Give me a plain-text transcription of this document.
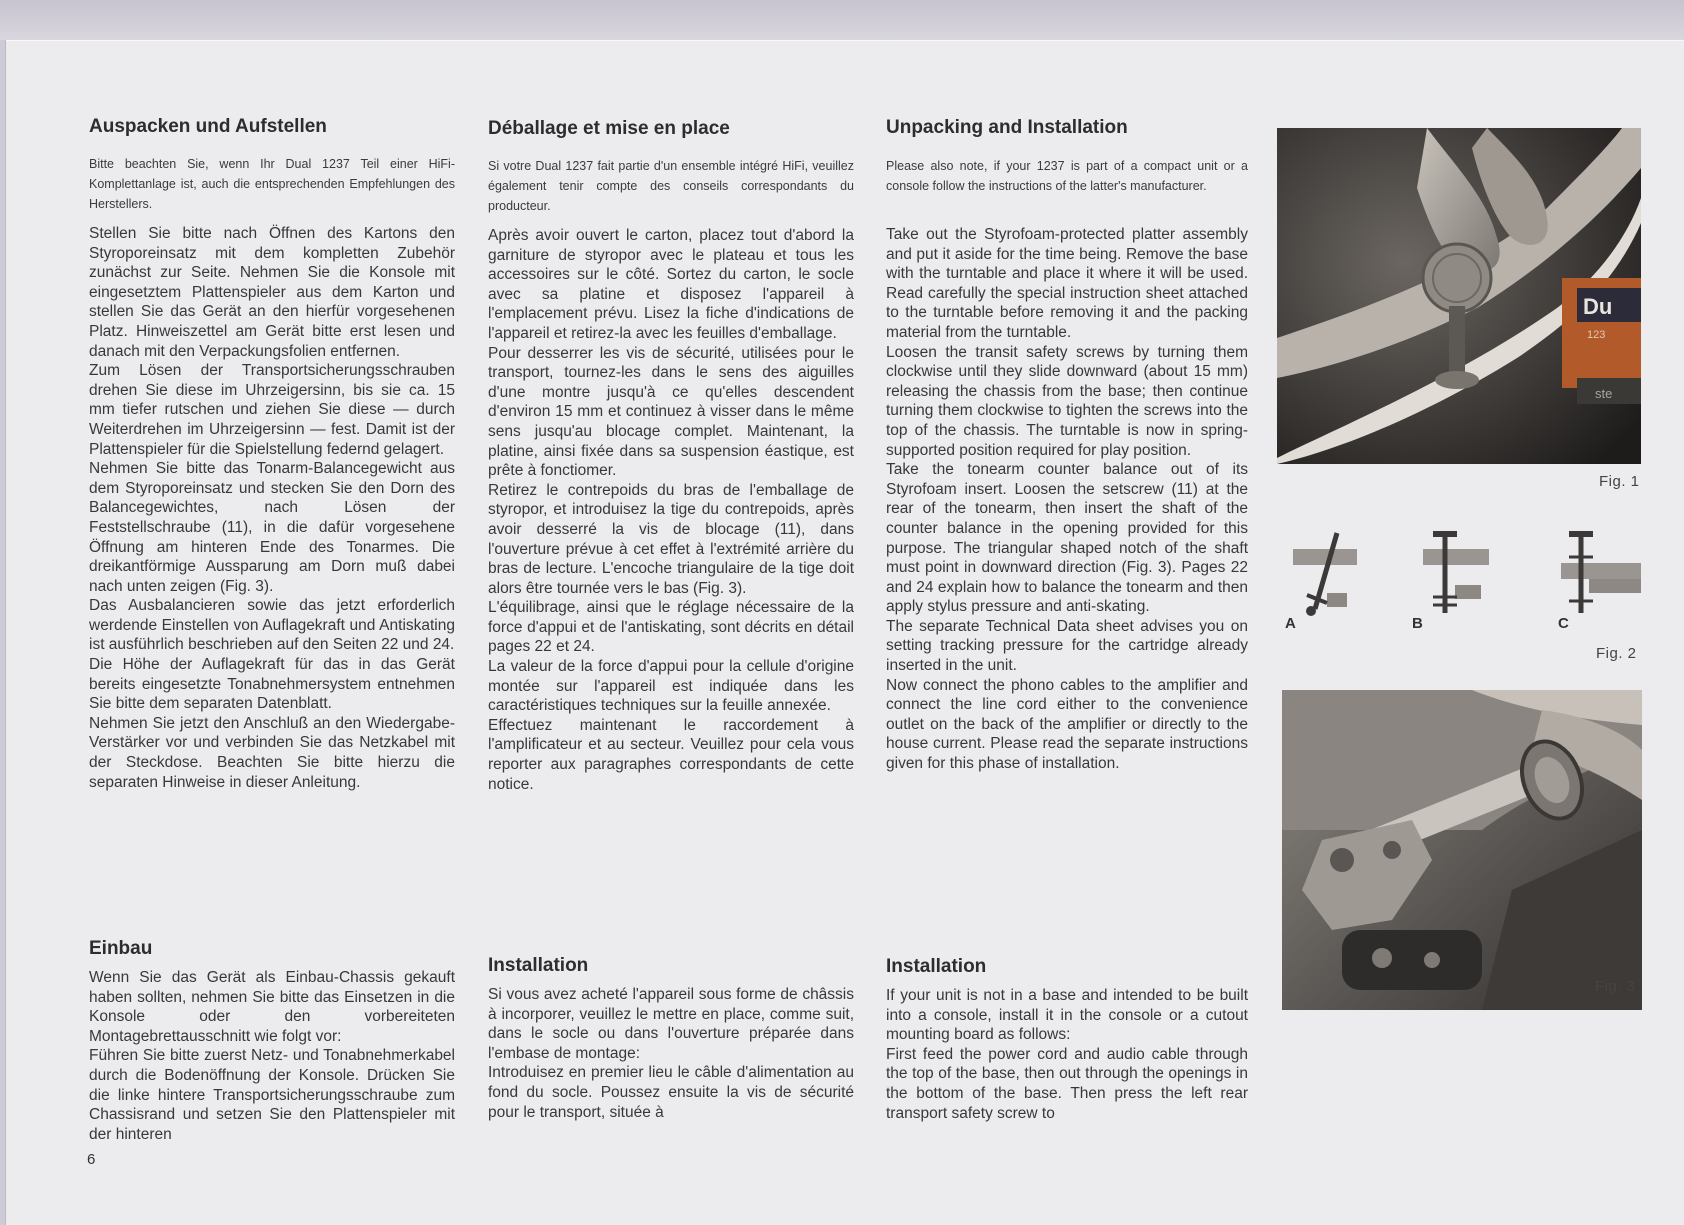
Auspacken und Aufstellen

Bitte beachten Sie, wenn Ihr Dual 1237 Teil einer HiFi-Komplettanlage ist, auch die entsprechenden Empfehlungen des Herstellers.

Stellen Sie bitte nach Öffnen des Kartons den Styroporeinsatz mit dem kompletten Zubehör zunächst zur Seite. Nehmen Sie die Konsole mit eingesetztem Plattenspieler aus dem Karton und stellen Sie das Gerät an den hierfür vorgesehenen Platz. Hinweiszettel am Gerät bitte erst lesen und danach mit den Verpackungsfolien entfernen.

Zum Lösen der Transportsicherungsschrauben drehen Sie diese im Uhrzeigersinn, bis sie ca. 15 mm tiefer rutschen und ziehen Sie diese — durch Weiterdrehen im Uhrzeigersinn — fest. Damit ist der Plattenspieler für die Spielstellung federnd gelagert.

Nehmen Sie bitte das Tonarm-Balancegewicht aus dem Styroporeinsatz und stecken Sie den Dorn des Balancegewichtes, nach Lösen der Feststellschraube (11), in die dafür vorgesehene Öffnung am hinteren Ende des Tonarmes. Die dreikantförmige Aussparung am Dorn muß dabei nach unten zeigen (Fig. 3).

Das Ausbalancieren sowie das jetzt erforderlich werdende Einstellen von Auflagekraft und Antiskating ist ausführlich beschrieben auf den Seiten 22 und 24.

Die Höhe der Auflagekraft für das in das Gerät bereits eingesetzte Tonabnehmersystem entnehmen Sie bitte dem separaten Datenblatt.

Nehmen Sie jetzt den Anschluß an den Wiedergabe-Verstärker vor und verbinden Sie das Netzkabel mit der Steckdose. Beachten Sie bitte hierzu die separaten Hinweise in dieser Anleitung.

Einbau

Wenn Sie das Gerät als Einbau-Chassis gekauft haben sollten, nehmen Sie bitte das Einsetzen in die Konsole oder den vorbereiteten Montagebrettausschnitt wie folgt vor:

Führen Sie bitte zuerst Netz- und Tonabnehmerkabel durch die Bodenöffnung der Konsole. Drücken Sie die linke hintere Transportsicherungsschraube zum Chassisrand und setzen Sie den Plattenspieler mit der hinteren

Déballage et mise en place

Si votre Dual 1237 fait partie d'un ensemble intégré HiFi, veuillez également tenir compte des conseils correspondants du producteur.

Après avoir ouvert le carton, placez tout d'abord la garniture de styropor avec le plateau et tous les accessoires sur le côté. Sortez du carton, le socle avec sa platine et disposez l'appareil à l'emplacement prévu. Lisez la fiche d'indications de l'appareil et retirez-la avec les feuilles d'emballage.

Pour desserrer les vis de sécurité, utilisées pour le transport, tournez-les dans le sens des aiguilles d'une montre jusqu'à ce qu'elles descendent d'environ 15 mm et continuez à visser dans le même sens jusqu'au blocage complet. Maintenant, la platine, ainsi fixée dans sa suspension éastique, est prête à fonctiomer.

Retirez le contrepoids du bras de l'emballage de styropor, et introduisez la tige du contrepoids, après avoir desserré la vis de blocage (11), dans l'ouverture prévue à cet effet à l'extrémité arrière du bras de lecture. L'encoche triangulaire de la tige doit alors être tournée vers le bas (Fig. 3).

L'équilibrage, ainsi que le réglage nécessaire de la force d'appui et de l'antiskating, sont décrits en détail pages 22 et 24.

La valeur de la force d'appui pour la cellule d'origine montée sur l'appareil est indiquée dans les caractéristiques techniques sur la feuille annexée.

Effectuez maintenant le raccordement à l'amplificateur et au secteur. Veuillez pour cela vous reporter aux paragraphes correspondants de cette notice.

Installation

Si vous avez acheté l'appareil sous forme de châssis à incorporer, veuillez le mettre en place, comme suit, dans le socle ou dans l'ouverture préparée dans l'embase de montage:

Introduisez en premier lieu le câble d'alimentation au fond du socle. Poussez ensuite la vis de sécurité pour le transport, située à

Unpacking and Installation

Please also note, if your 1237 is part of a compact unit or a console follow the instructions of the latter's manufacturer.

Take out the Styrofoam-protected platter assembly and put it aside for the time being. Remove the base with the turntable and place it where it will be used. Read carefully the special instruction sheet attached to the turntable before removing it and the packing material from the turntable.

Loosen the transit safety screws by turning them clockwise until they slide downward (about 15 mm) releasing the chassis from the base; then continue turning them clockwise to tighten the screws into the top of the chassis. The turntable is now in spring-supported position required for play position.

Take the tonearm counter balance out of its Styrofoam insert. Loosen the setscrew (11) at the rear of the tonearm, then insert the shaft of the counter balance in the opening provided for this purpose. The triangular shaped notch of the shaft must point in downward direction (Fig. 3). Pages 22 and 24 explain how to balance the tonearm and then apply stylus pressure and anti-skating.

The separate Technical Data sheet advises you on setting tracking pressure for the cartridge already inserted in the unit.

Now connect the phono cables to the amplifier and connect the line cord either to the convenience outlet on the back of the amplifier or directly to the house current. Please read the separate instructions given for this phase of installation.

Installation

If your unit is not in a base and intended to be built into a console, install it in the console or a cutout mounting board as follows:

First feed the power cord and audio cable through the top of the base, then out through the openings in the bottom of the base. Then press the left rear transport safety screw to

Du
123
ste
Fig. 1
A	B	C
Fig. 2
Fig. 3
6
